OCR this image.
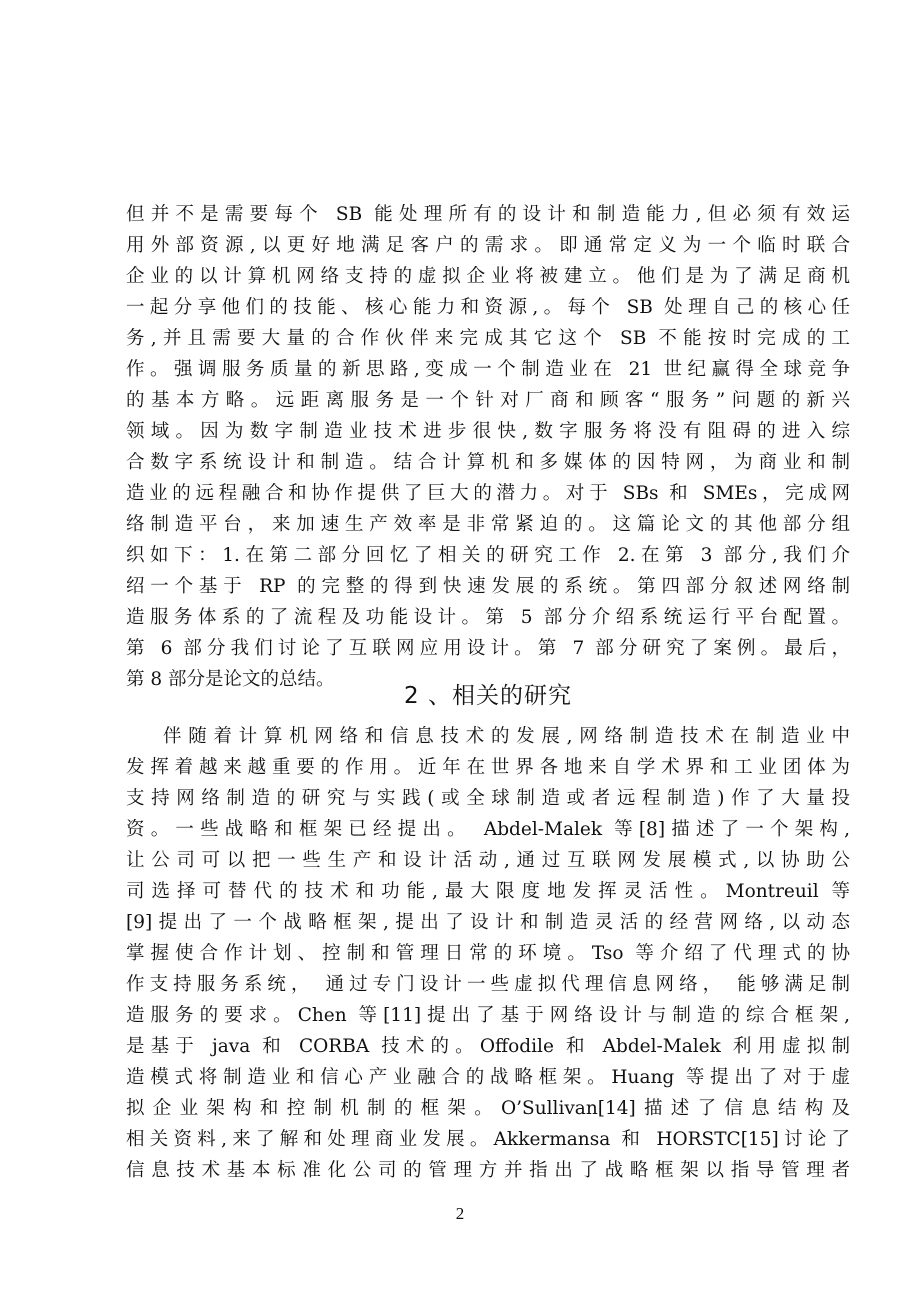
但并不是需要每个 SB 能处理所有的设计和制造能力,但必须有效运
用外部资源,以更好地满足客户的需求。即通常定义为一个临时联合
企业的以计算机网络支持的虚拟企业将被建立。他们是为了满足商机
一起分享他们的技能、核心能力和资源,。每个 SB 处理自己的核心任
务,并且需要大量的合作伙伴来完成其它这个 SB 不能按时完成的工
作。强调服务质量的新思路,变成一个制造业在 21 世纪赢得全球竞争
的基本方略。远距离服务是一个针对厂商和顾客“服务”问题的新兴
领域。因为数字制造业技术进步很快,数字服务将没有阻碍的进入综
合数字系统设计和制造。结合计算机和多媒体的因特网，为商业和制
造业的远程融合和协作提供了巨大的潜力。对于 SBs 和 SMEs，完成网
络制造平台，来加速生产效率是非常紧迫的。这篇论文的其他部分组
织如下：1.在第二部分回忆了相关的研究工作 2.在第 3 部分,我们介
绍一个基于 RP 的完整的得到快速发展的系统。第四部分叙述网络制
造服务体系的了流程及功能设计。第 5 部分介绍系统运行平台配置。
第 6 部分我们讨论了互联网应用设计。第 7 部分研究了案例。最后，
第 8 部分是论文的总结。
2 、相关的研究
伴随着计算机网络和信息技术的发展,网络制造技术在制造业中
发挥着越来越重要的作用。近年在世界各地来自学术界和工业团体为
支持网络制造的研究与实践(或全球制造或者远程制造)作了大量投
资。一些战略和框架已经提出。 Abdel-Malek 等[8]描述了一个架构,
让公司可以把一些生产和设计活动,通过互联网发展模式,以协助公
司选择可替代的技术和功能,最大限度地发挥灵活性。Montreuil 等
[9]提出了一个战略框架,提出了设计和制造灵活的经营网络,以动态
掌握使合作计划、控制和管理日常的环境。Tso 等介绍了代理式的协
作支持服务系统， 通过专门设计一些虚拟代理信息网络， 能够满足制
造服务的要求。Chen 等[11]提出了基于网络设计与制造的综合框架,
是基于 java 和 CORBA 技术的。Offodile 和 Abdel-Malek 利用虚拟制
造模式将制造业和信心产业融合的战略框架。Huang 等提出了对于虚
拟企业架构和控制机制的框架。O’Sullivan[14]描述了信息结构及
相关资料,来了解和处理商业发展。Akkermansa 和 HORSTC[15]讨论了
信息技术基本标准化公司的管理方并指出了战略框架以指导管理者
2
